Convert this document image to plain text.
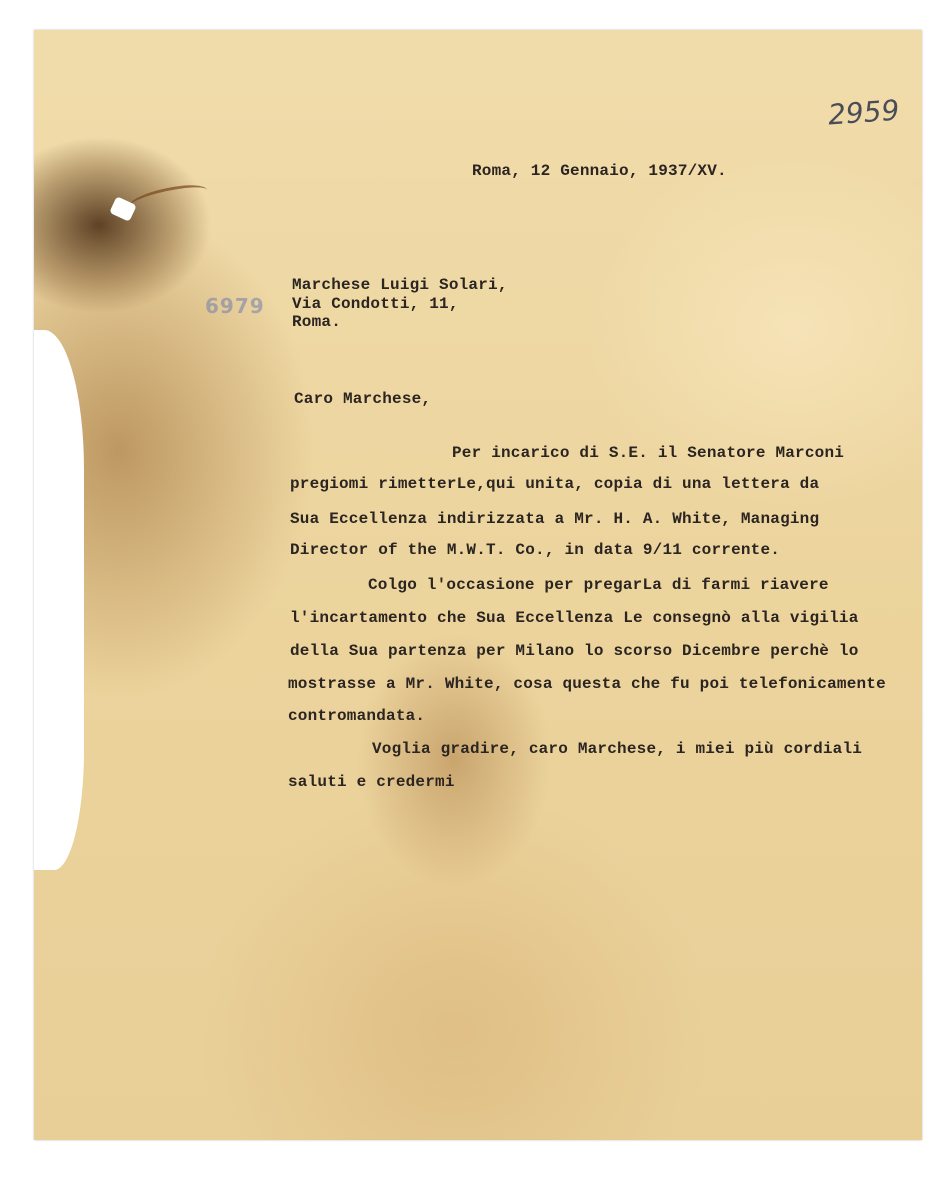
2959
6979

Roma, 12 Gennaio, 1937/XV.

Marchese Luigi Solari,

Via Condotti, 11,

Roma.

Caro Marchese,

Per incarico di S.E. il Senatore Marconi

pregiomi rimetterLe,qui unita, copia di una lettera da

Sua Eccellenza indirizzata a Mr. H. A. White, Managing

Director of the M.W.T. Co., in data 9/11 corrente.

Colgo l'occasione per pregarLa di farmi riavere

l'incartamento che Sua Eccellenza Le consegnò alla vigilia

della Sua partenza per Milano lo scorso Dicembre perchè lo

mostrasse a Mr. White, cosa questa che fu poi telefonicamente

contromandata.

Voglia gradire, caro Marchese, i miei più cordiali

saluti e credermi
